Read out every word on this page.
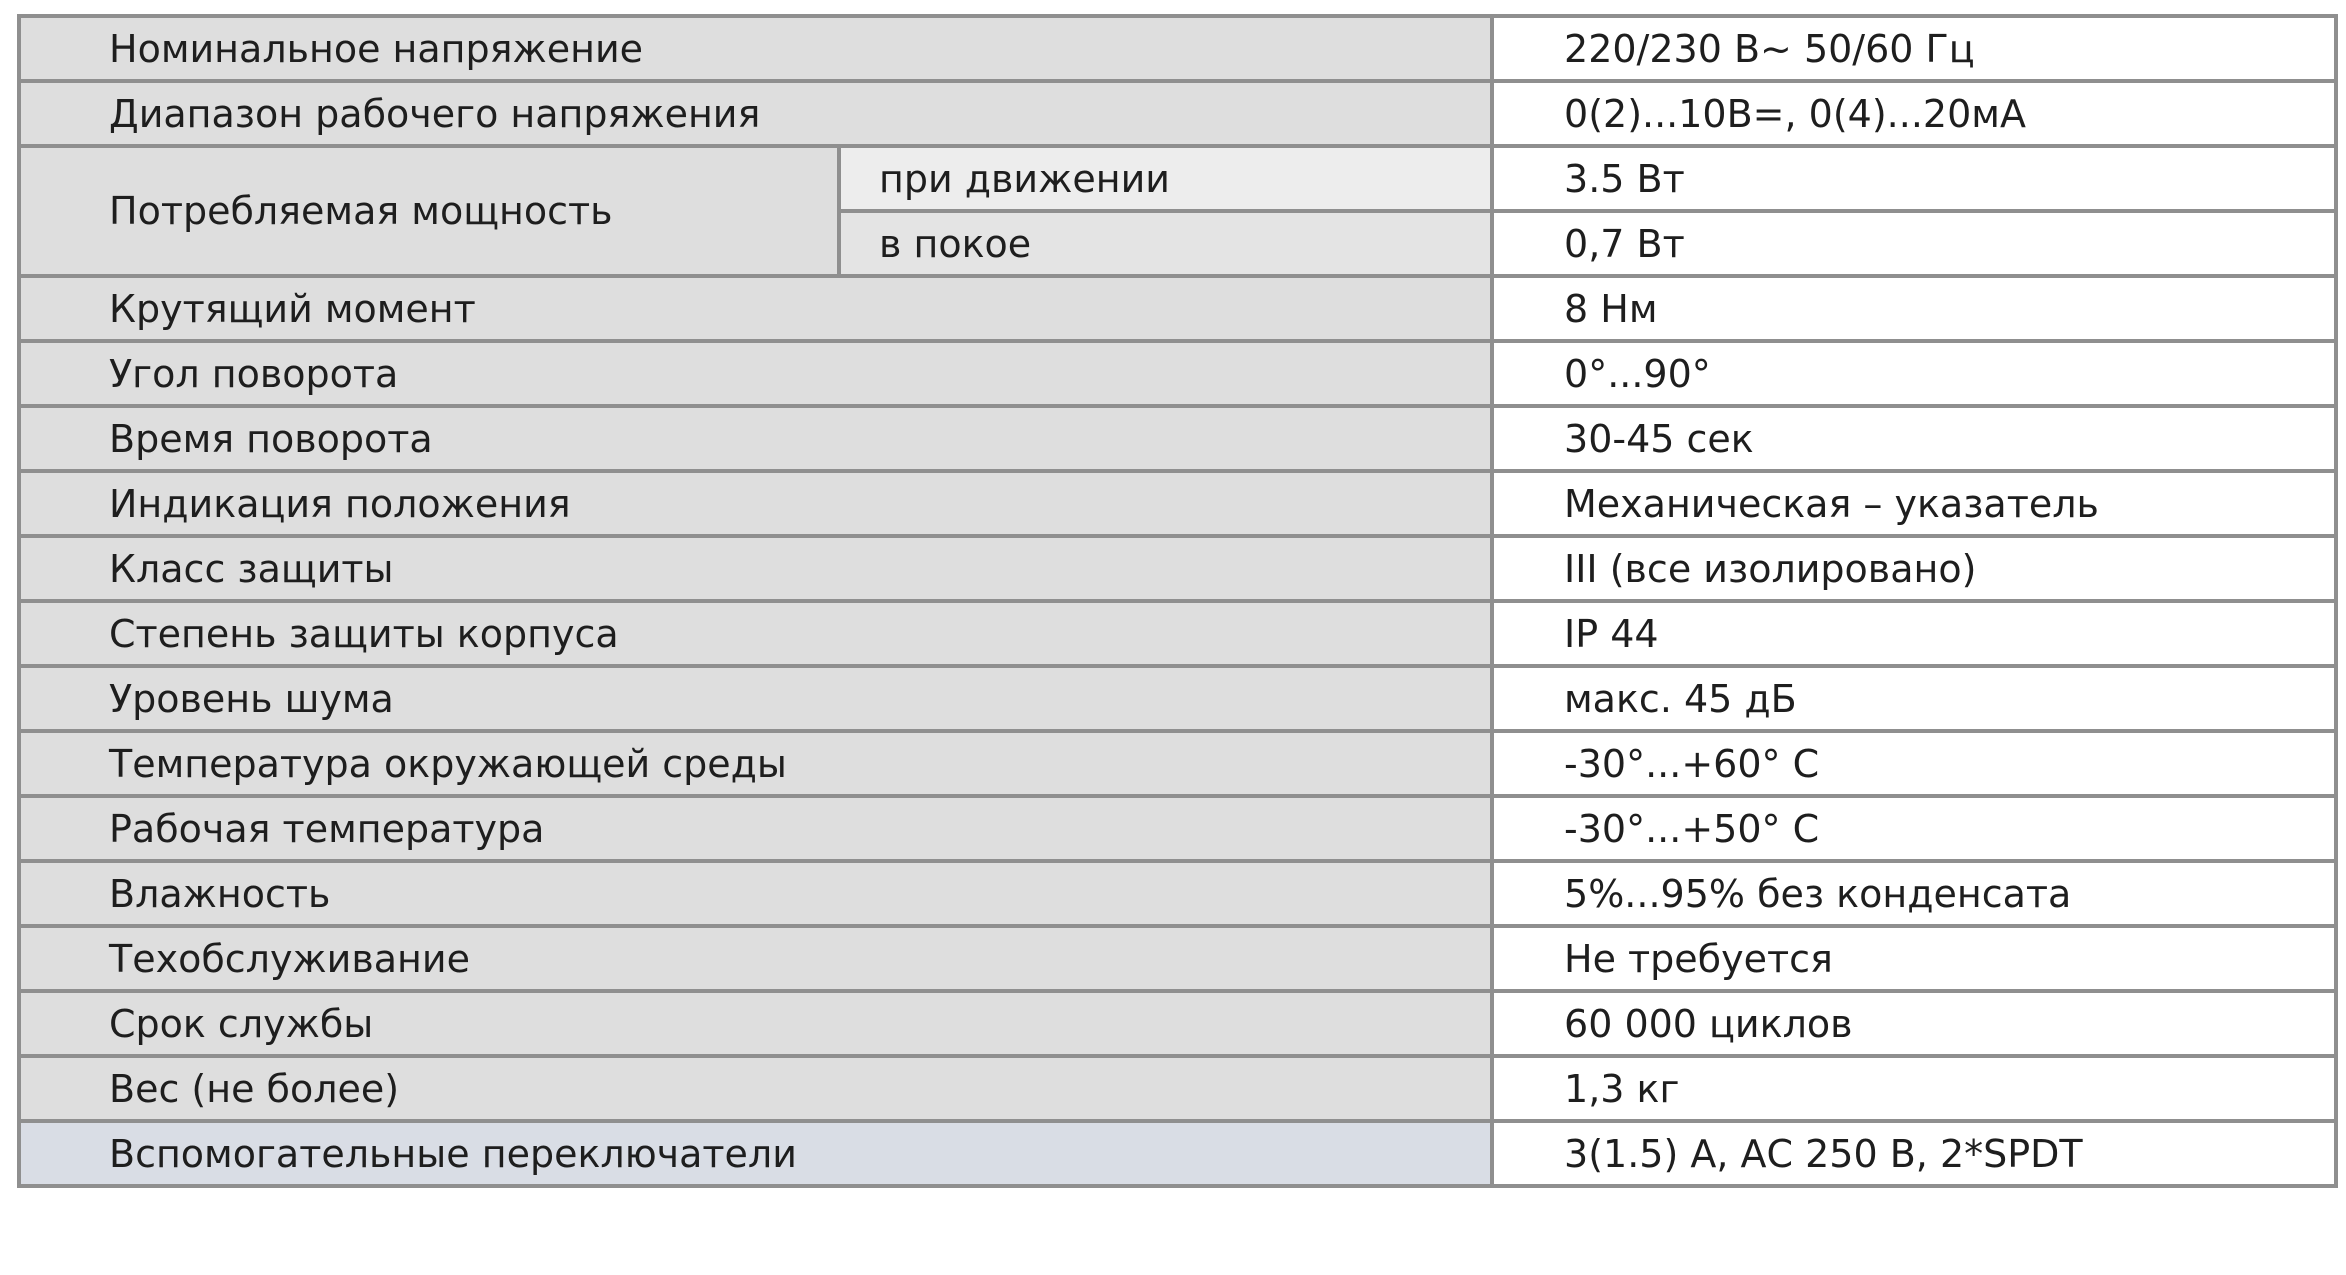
Номинальное напряжение		220/230 В~ 50/60 Гц
Диапазон рабочего напряжения		0(2)...10В=, 0(4)...20мА
Потребляемая мощность	при движении	3.5 Вт
	в покое	0,7 Вт
Крутящий момент		8 Нм
Угол поворота		0°...90°
Время поворота		30-45 сек
Индикация положения		Механическая – указатель
Класс защиты		III (все изолировано)
Степень защиты корпуса		IP 44
Уровень шума		макс. 45 дБ
Температура окружающей среды		-30°...+60° С
Рабочая температура		-30°...+50° С
Влажность		5%...95% без конденсата
Техобслуживание		Не требуется
Срок службы		60 000 циклов
Вес (не более)		1,3 кг
Вспомогательные переключатели		3(1.5) А, АС 250 В, 2*SPDT
